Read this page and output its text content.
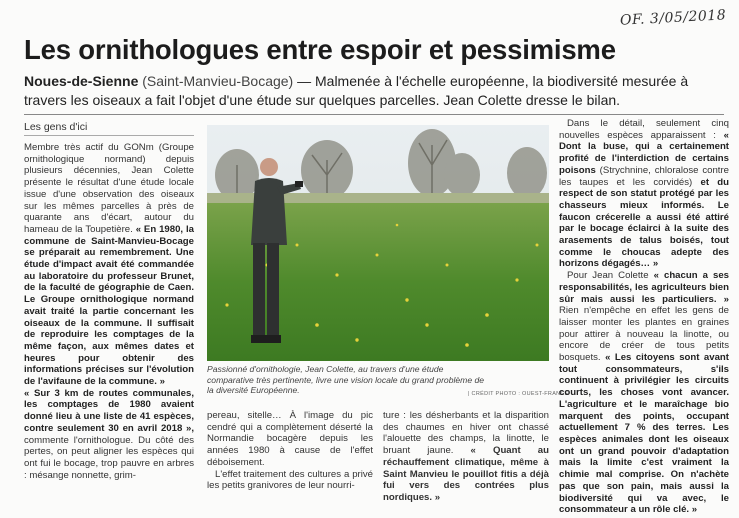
OF. 3/05/2018
Les ornithologues entre espoir et pessimisme
Noues-de-Sienne (Saint-Manvieu-Bocage) — Malmenée à l'échelle européenne, la biodiversité mesurée à travers les oiseaux a fait l'objet d'une étude sur quelques parcelles. Jean Colette dresse le bilan.
Les gens d'ici

Membre très actif du GONm (Groupe ornithologique normand) depuis plusieurs décennies, Jean Colette présente le résultat d'une étude locale issue d'une observation des oiseaux sur les mêmes parcelles à près de quarante ans d'écart, autour du hameau de la Toupetière. « En 1980, la commune de Saint-Manvieu-Bocage se préparait au remembrement. Une étude d'impact avait été commandée au laboratoire du professeur Brunet, de la faculté de géographie de Caen. Le Groupe ornithologique normand avait traité la partie concernant les oiseaux de la commune. Il suffisait de reproduire les comptages de la même façon, aux mêmes dates et heures pour obtenir des informations précises sur l'évolution de l'avifaune de la commune. »

« Sur 3 km de routes communales, les comptages de 1980 avaient donné lieu à une liste de 41 espèces, contre seulement 30 en avril 2018 », commente l'ornithologue. Du côté des pertes, on peut aligner les espèces qui ont fui le bocage, trop pauvre en arbres : mésange nonnette, grim-

Passionné d'ornithologie, Jean Colette, au travers d'une étude comparative très pertinente, livre une vision locale du grand problème de la diversité Européenne.	| CRÉDIT PHOTO : OUEST-FRANCE

pereau, sitelle… À l'image du pic cendré qui a complètement déserté la Normandie bocagère depuis les années 1980 à cause de l'effet déboisement.

L'effet traitement des cultures a privé les petits granivores de leur nourri-

ture : les désherbants et la disparition des chaumes en hiver ont chassé l'alouette des champs, la linotte, le bruant jaune. « Quant au réchauffement climatique, même à Saint Manvieu le pouillot fitis a déjà fui vers des contrées plus nordiques. »

Dans le détail, seulement cinq nouvelles espèces apparaissent : « Dont la buse, qui a certainement profité de l'interdiction de certains poisons (Strychnine, chloralose contre les taupes et les corvidés) et du respect de son statut protégé par les chasseurs mieux informés. Le faucon crécerelle a aussi été attiré par le bocage éclairci à la suite des arasements de talus boisés, tout comme le choucas adepte des horizons dégagés… »

Pour Jean Colette « chacun a ses responsabilités, les agriculteurs bien sûr mais aussi les particuliers. » Rien n'empêche en effet les gens de laisser monter les plantes en graines pour attirer à nouveau la linotte, ou encore de créer de tous petits bosquets. « Les citoyens sont avant tout consommateurs, s'ils continuent à privilégier les circuits courts, les choses vont avancer. L'agriculture et le maraîchage bio marquent des points, occupant actuellement 7 % des terres. Les espèces animales dont les oiseaux ont un grand pouvoir d'adaptation mais la limite c'est vraiment la chimie mal comprise. On n'achète pas que son pain, mais aussi la biodiversité qui va avec, le consommateur a un rôle clé. »
